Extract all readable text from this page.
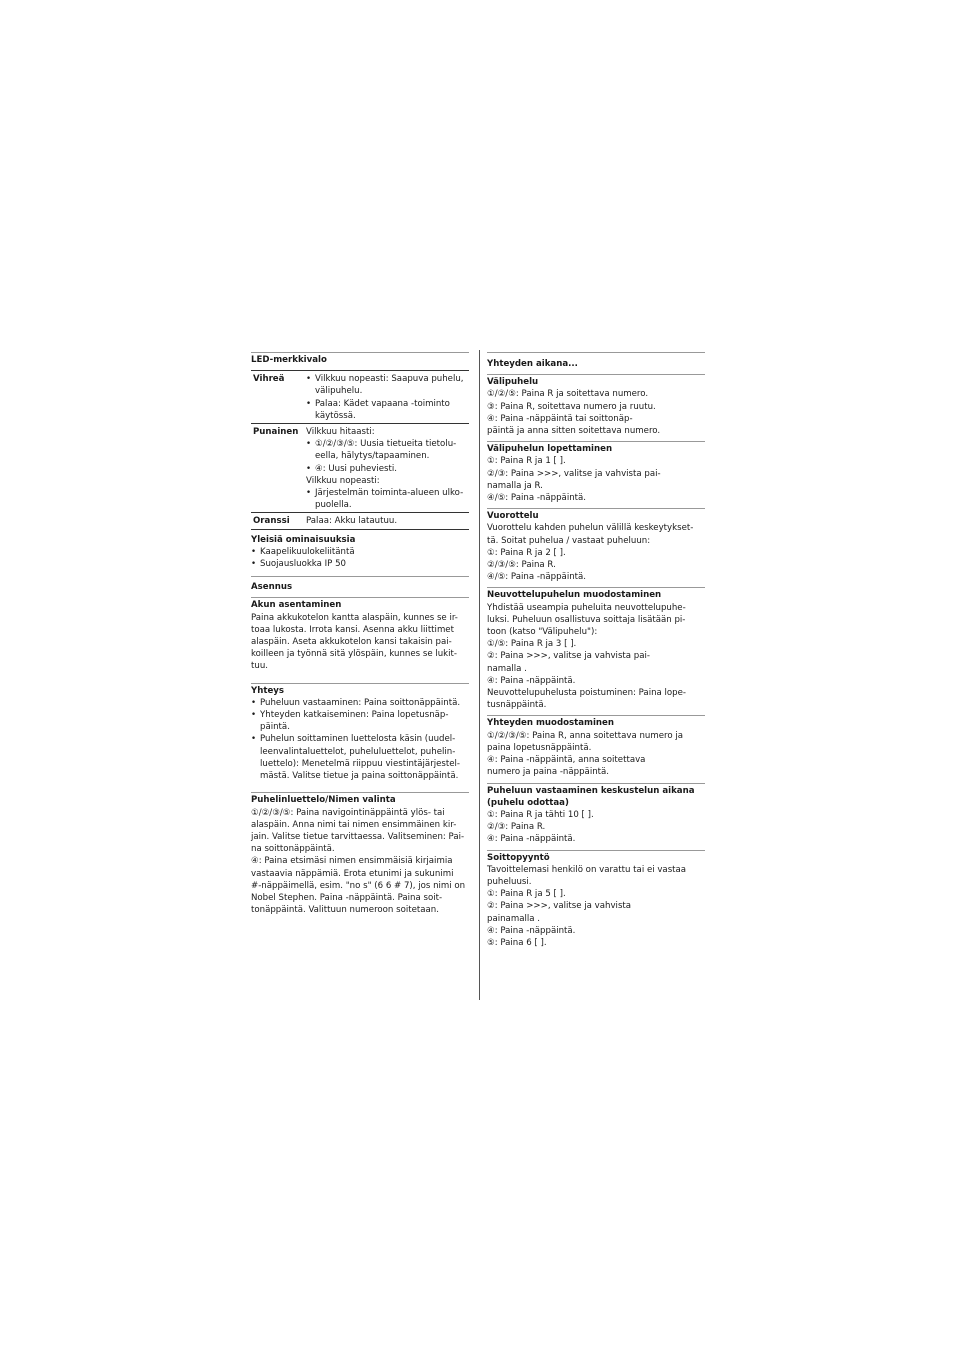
LED-merkkivalo
Vihreä
•	Vilkkuu nopeasti: Saapuva puhelu, välipuhelu.
• Palaa: Kädet vapaana -toiminto käytössä.
Punainen Vilkkuu hitaasti:

• ①/②/③/⑤: Uusia tietueita tietolu-eella, hälytys/tapaaminen.
• ④: Uusi puheviesti.

Vilkkuu nopeasti:

• Järjestelmän toiminta-alueen ulko-puolella.
Oranssi	Palaa: Akku latautuu.

Yleisiä ominaisuuksia
• Kaapelikuulokeliitäntä
• Suojausluokka IP 50
Asennus
Akun asentaminen

Paina akkukotelon kantta alaspäin, kunnes se ir-

toaa lukosta. Irrota kansi. Asenna akku liittimet

alaspäin. Aseta akkukotelon kansi takaisin pai-

koilleen ja työnnä sitä ylöspäin, kunnes se lukit-

tuu.

Yhteys
• Puheluun vastaaminen: Paina soittonäppäintä.
• Yhteyden katkaiseminen: Paina lopetusnäp-päintä.
• Puhelun soittaminen luettelosta käsin (uudel-leenvalintaluettelot, puheluluettelot, puhelin-luettelo): Menetelmä riippuu viestintäjärjestel-mästä. Valitse tietue ja paina soittonäppäintä.
Puhelinluettelo/Nimen valinta

①/②/③/⑤: Paina navigointinäppäintä ylös- tai

alaspäin. Anna nimi tai nimen ensimmäinen kir-

jain. Valitse tietue tarvittaessa. Valitseminen: Pai-

na soittonäppäintä.

④: Paina etsimäsi nimen ensimmäisiä kirjaimia

vastaavia näppämiä. Erota etunimi ja sukunimi

#-näppäimellä, esim. "no s" (6 6 # 7), jos nimi on

Nobel Stephen. Paina -näppäintä. Paina soit-

tonäppäintä. Valittuun numeroon soitetaan.

Yhteyden aikana...
Välipuhelu

①/②/⑤: Paina R ja soitettava numero.

③: Paina R, soitettava numero ja ruutu.

④: Paina -näppäintä tai soittonäp-

päintä ja anna sitten soitettava numero.

Välipuhelun lopettaminen

①: Paina R ja 1 [ ].

②/③: Paina >>>, valitse ja vahvista pai-

namalla ja R.

④/⑤: Paina -näppäintä.

Vuorottelu

Vuorottelu kahden puhelun välillä keskeytykset-

tä. Soitat puhelua / vastaat puheluun:

①: Paina R ja 2 [ ].

②/③/⑤: Paina R.

④/⑤: Paina -näppäintä.

Neuvottelupuhelun muodostaminen

Yhdistää useampia puheluita neuvottelupuhe-

luksi. Puheluun osallistuva soittaja lisätään pi-

toon (katso "Välipuhelu"):

①/⑤: Paina R ja 3 [ ].

②: Paina >>>, valitse ja vahvista pai-

namalla .

④: Paina -näppäintä.

Neuvottelupuhelusta poistuminen: Paina lope-

tusnäppäintä.

Yhteyden muodostaminen

①/②/③/⑤: Paina R, anna soitettava numero ja

paina lopetusnäppäintä.

④: Paina -näppäintä, anna soitettava

numero ja paina -näppäintä.

Puheluun vastaaminen keskustelun aikana (puhelu odottaa)

①: Paina R ja tähti 10 [ ].

②/③: Paina R.

④: Paina -näppäintä.

Soittopyyntö

Tavoittelemasi henkilö on varattu tai ei vastaa

puheluusi.

①: Paina R ja 5 [ ].

②: Paina >>>, valitse ja vahvista

painamalla .

④: Paina -näppäintä.

⑤: Paina 6 [ ].
